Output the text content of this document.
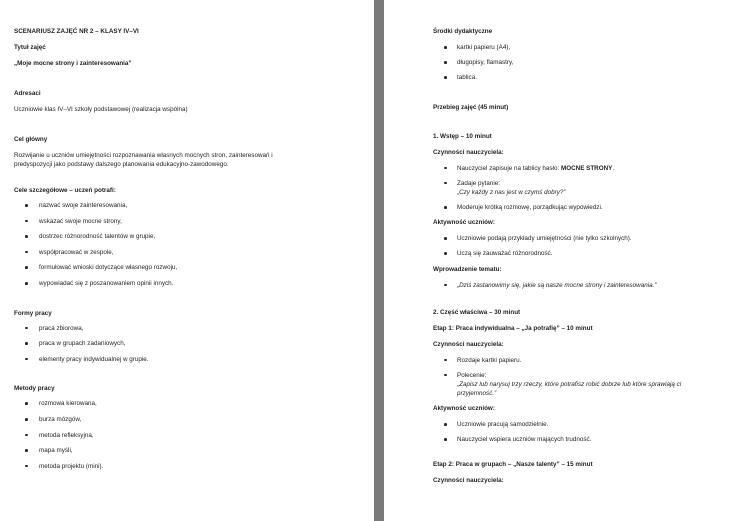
SCENARIUSZ ZAJĘĆ NR 2 – KLASY IV–VI
Tytuł zajęć
„Moje mocne strony i zainteresowania”
Adresaci
Uczniowie klas IV–VI szkoły podstawowej (realizacja wspólna)
Cel główny
Rozwijanie u uczniów umiejętności rozpoznawania własnych mocnych stron, zainteresowań i
predyspozycji jako podstawy dalszego planowania edukacyjno-zawodowego.
Cele szczegółowe – uczeń potrafi:
nazwać swoje zainteresowania,
wskazać swoje mocne strony,
dostrzec różnorodność talentów w grupie,
współpracować w zespole,
formułować wnioski dotyczące własnego rozwoju,
wypowiadać się z poszanowaniem opinii innych.
Formy pracy
praca zbiorowa,
praca w grupach zadaniowych,
elementy pracy indywidualnej w grupie.
Metody pracy
rozmowa kierowana,
burza mózgów,
metoda refleksyjna,
mapa myśli,
metoda projektu (mini).
Środki dydaktyczne
kartki papieru (A4),
długopisy, flamastry,
tablica.
Przebieg zajęć (45 minut)
1. Wstęp – 10 minut
Czynności nauczyciela:
Nauczyciel zapisuje na tablicy hasło: MOCNE STRONY.
Zadaje pytanie:
„Czy każdy z nas jest w czymś dobry?”
Moderuje krótką rozmowę, porządkując wypowiedzi.
Aktywność uczniów:
Uczniowie podają przykłady umiejętności (nie tylko szkolnych).
Uczą się zauważać różnorodność.
Wprowadzenie tematu:
„Dziś zastanowimy się, jakie są nasze mocne strony i zainteresowania.”
2. Część właściwa – 30 minut
Etap 1: Praca indywidualna – „Ja potrafię” – 10 minut
Czynności nauczyciela:
Rozdaje kartki papieru.
Polecenie:
„Zapisz lub narysuj trzy rzeczy, które potrafisz robić dobrze lub które sprawiają ci
przyjemność.”
Aktywność uczniów:
Uczniowie pracują samodzielnie.
Nauczyciel wspiera uczniów mających trudność.
Etap 2: Praca w grupach – „Nasze talenty” – 15 minut
Czynności nauczyciela:
